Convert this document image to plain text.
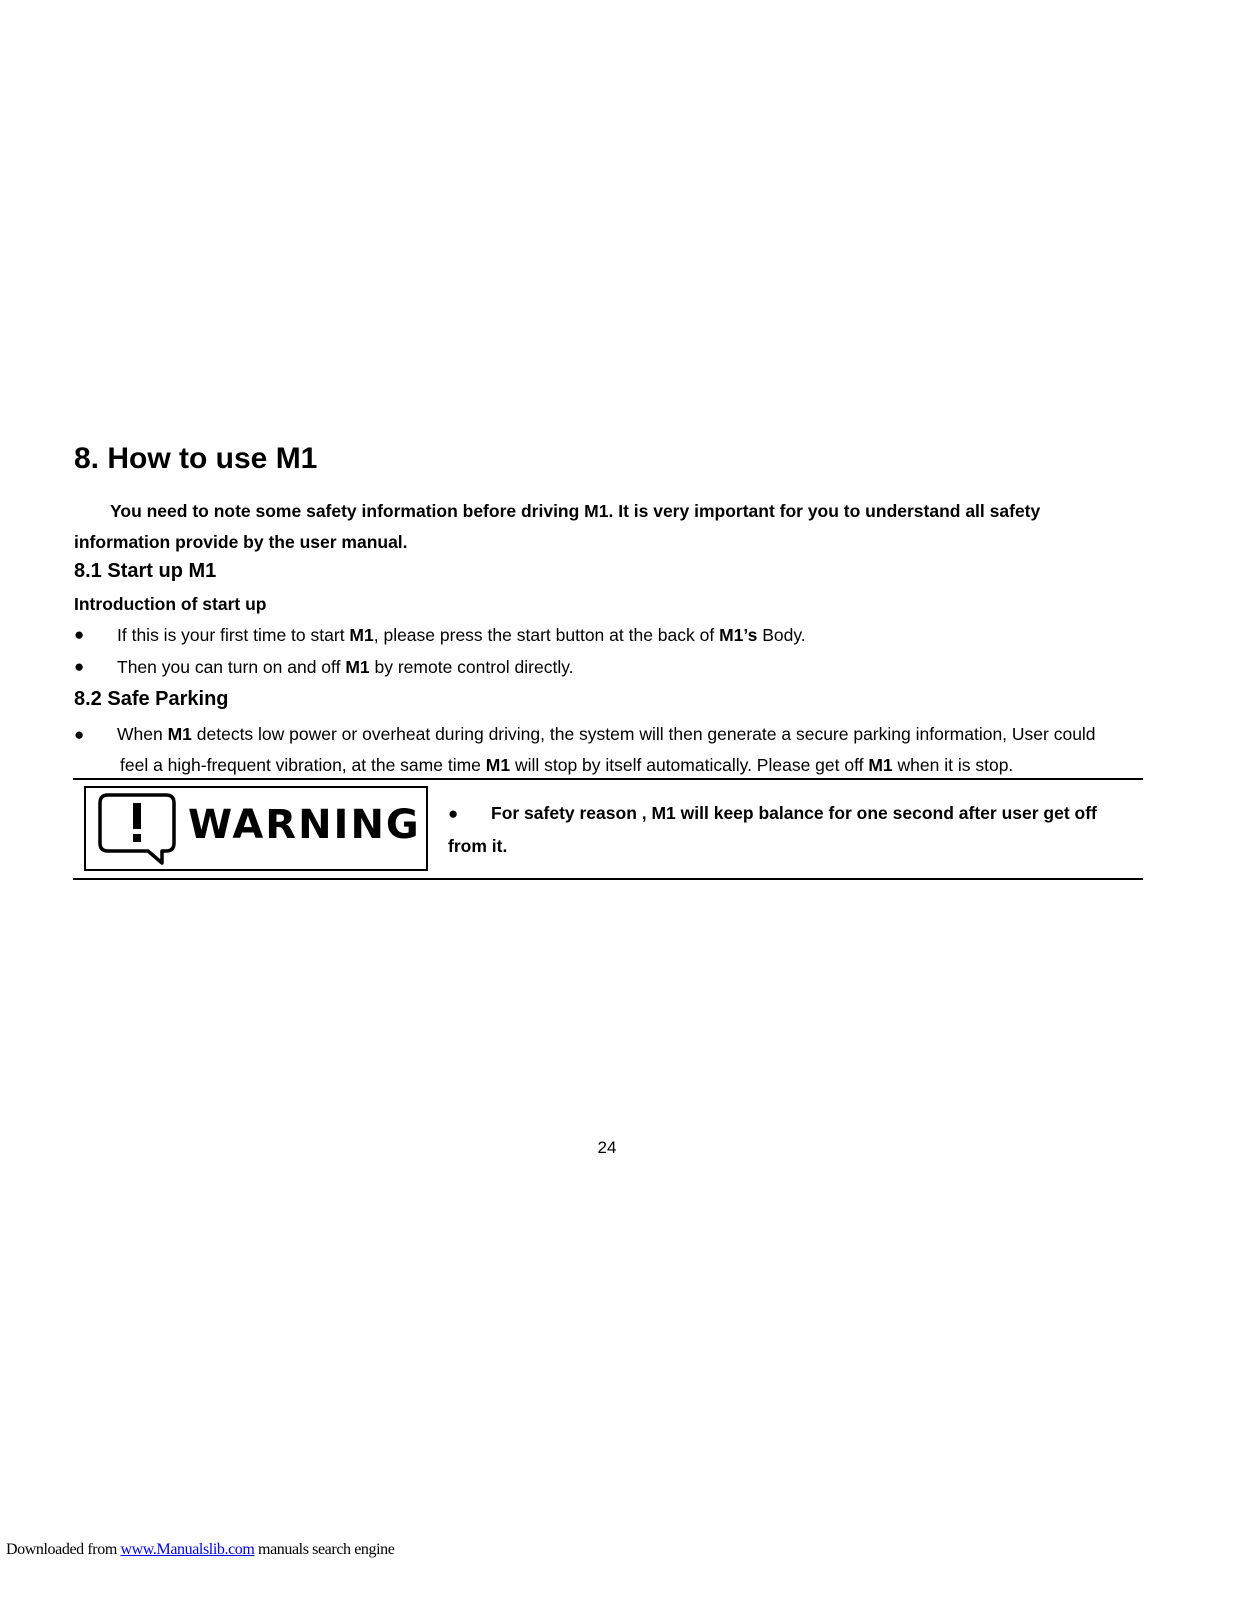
8. How to use M1
You need to note some safety information before driving M1. It is very important for you to understand all safety
information provide by the user manual.
8.1 Start up M1
Introduction of start up
● If this is your first time to start M1, please press the start button at the back of M1’s Body.
● Then you can turn on and off M1 by remote control directly.
8.2 Safe Parking
●	When M1 detects low power or overheat during driving, the system will then generate a secure parking information, User could
feel a high-frequent vibration, at the same time M1 will stop by itself automatically. Please get off M1 when it is stop.
WARNING ● For safety reason , M1 will keep balance for one second after user get off
from it.
24
Downloaded from www.Manualslib.com manuals search engine
